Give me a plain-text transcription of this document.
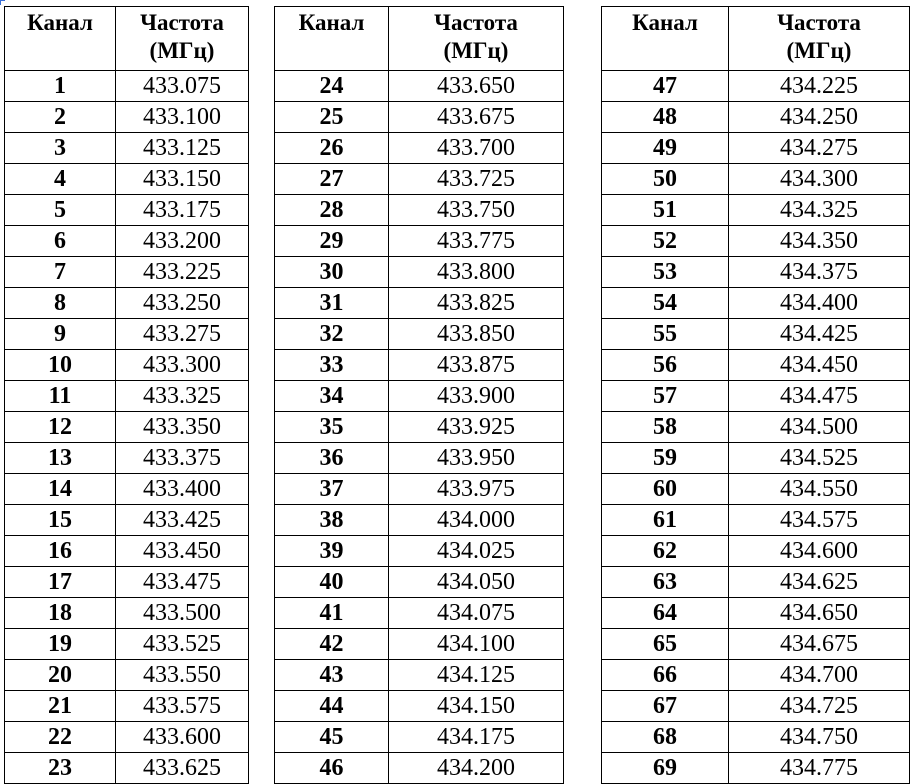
Канал	Частота
(МГц)
1	433.075
2	433.100
3	433.125
4	433.150
5	433.175
6	433.200
7	433.225
8	433.250
9	433.275
10	433.300
11	433.325
12	433.350
13	433.375
14	433.400
15	433.425
16	433.450
17	433.475
18	433.500
19	433.525
20	433.550
21	433.575
22	433.600
23	433.625
Канал	Частота
(МГц)
24	433.650
25	433.675
26	433.700
27	433.725
28	433.750
29	433.775
30	433.800
31	433.825
32	433.850
33	433.875
34	433.900
35	433.925
36	433.950
37	433.975
38	434.000
39	434.025
40	434.050
41	434.075
42	434.100
43	434.125
44	434.150
45	434.175
46	434.200
Канал	Частота
(МГц)
47	434.225
48	434.250
49	434.275
50	434.300
51	434.325
52	434.350
53	434.375
54	434.400
55	434.425
56	434.450
57	434.475
58	434.500
59	434.525
60	434.550
61	434.575
62	434.600
63	434.625
64	434.650
65	434.675
66	434.700
67	434.725
68	434.750
69	434.775
